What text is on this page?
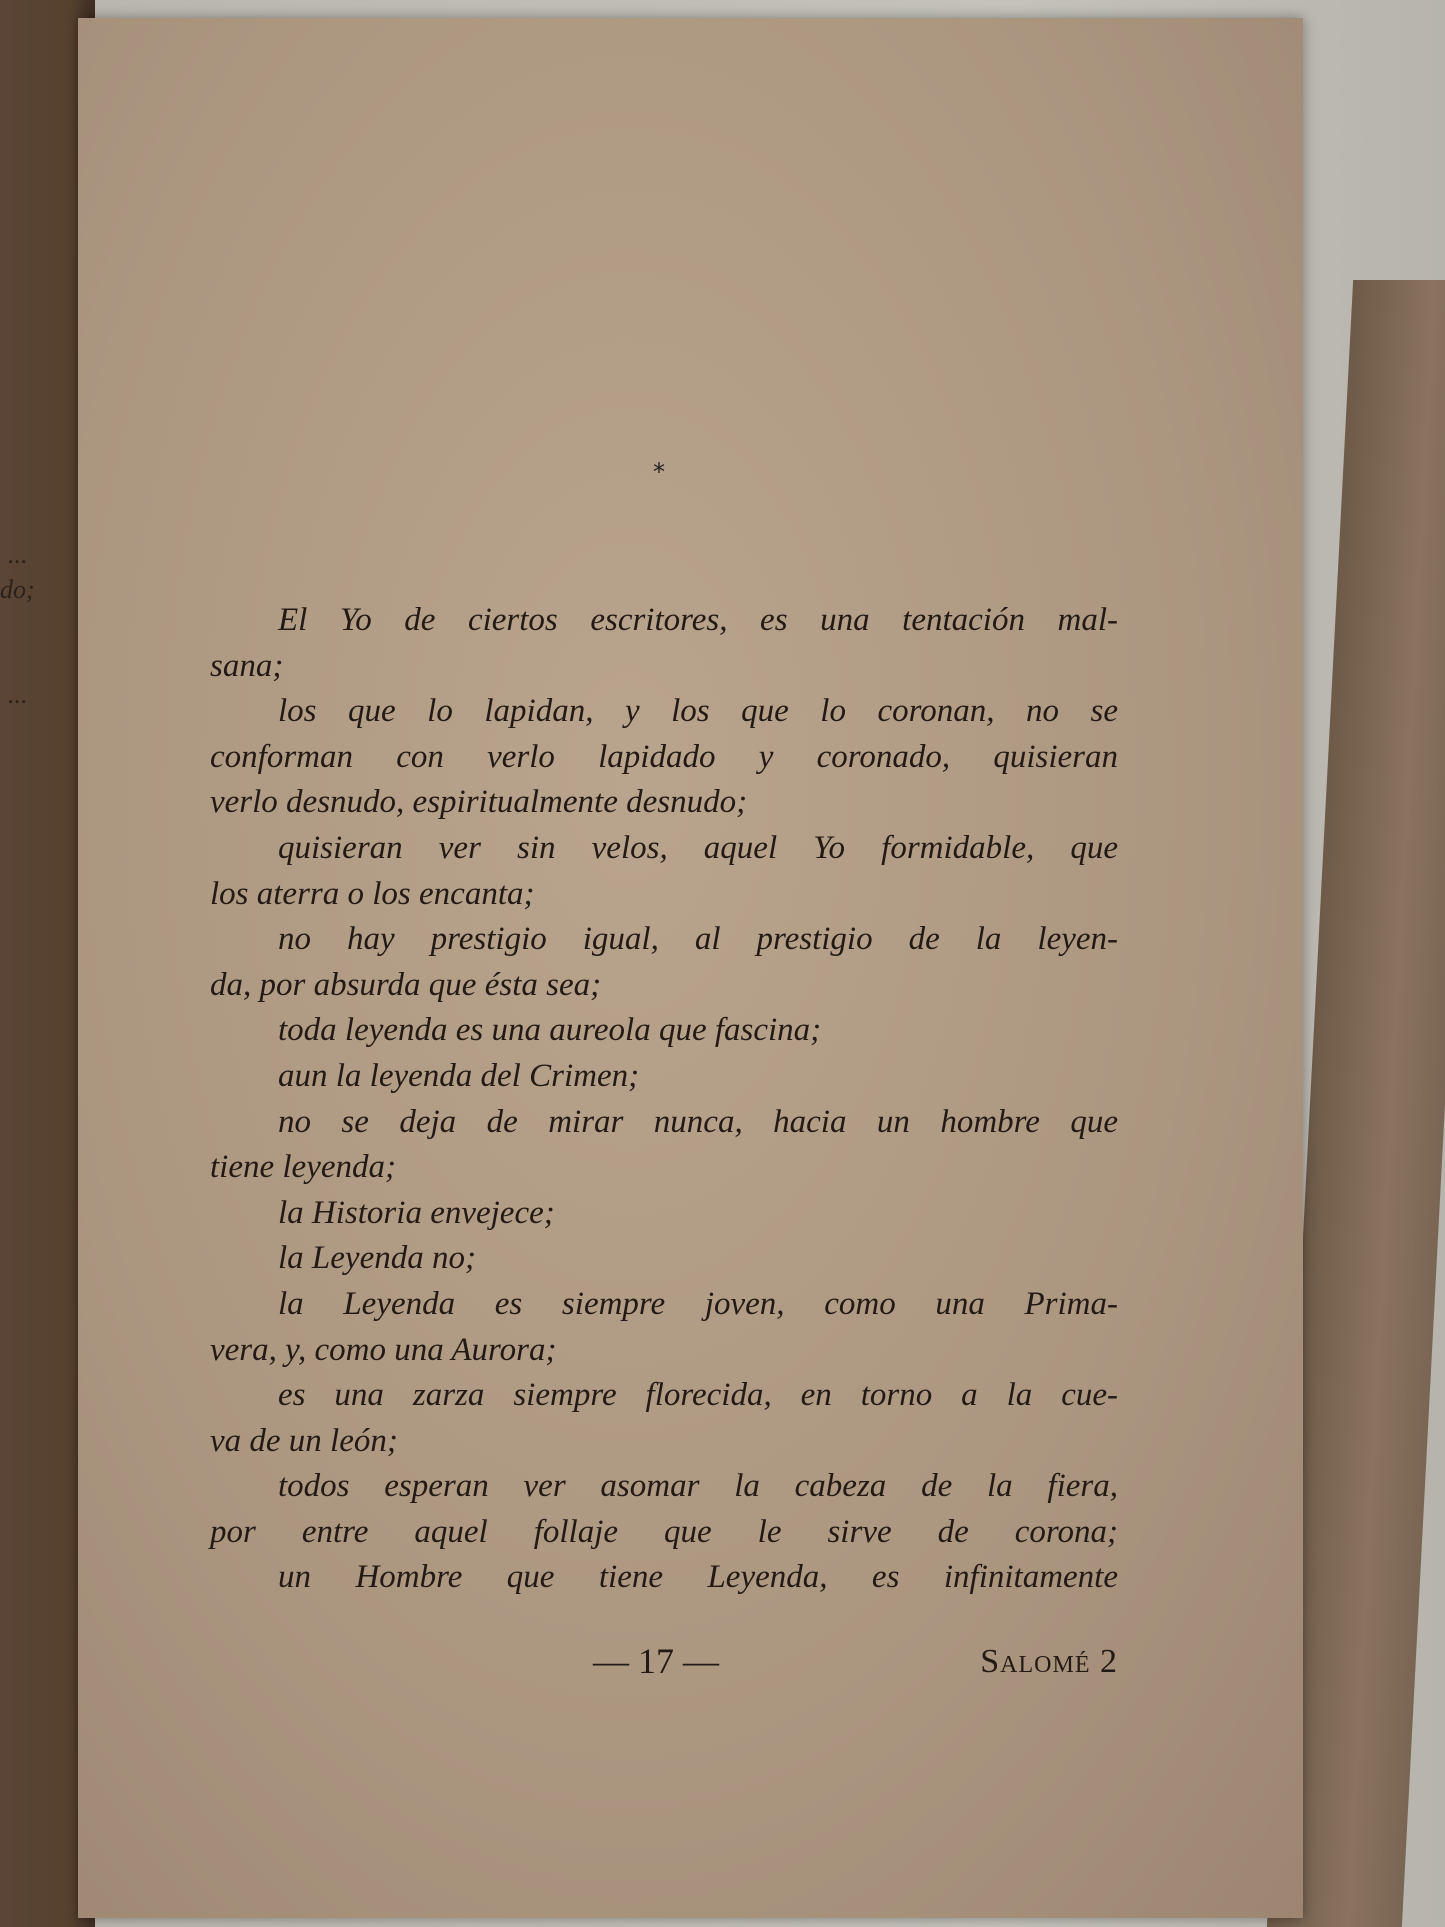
...
do;
...
*
El Yo de ciertos escritores, es una tentación mal-
sana;
los que lo lapidan, y los que lo coronan, no se
conforman con verlo lapidado y coronado, quisieran
verlo desnudo, espiritualmente desnudo;
quisieran ver sin velos, aquel Yo formidable, que
los aterra o los encanta;
no hay prestigio igual, al prestigio de la leyen-
da, por absurda que ésta sea;
toda leyenda es una aureola que fascina;
aun la leyenda del Crimen;
no se deja de mirar nunca, hacia un hombre que
tiene leyenda;
la Historia envejece;
la Leyenda no;
la Leyenda es siempre joven, como una Prima-
vera, y, como una Aurora;
es una zarza siempre florecida, en torno a la cue-
va de un león;
todos esperan ver asomar la cabeza de la fiera,
por entre aquel follaje que le sirve de corona;
un Hombre que tiene Leyenda, es infinitamente
— 17 —	Salomé 2
